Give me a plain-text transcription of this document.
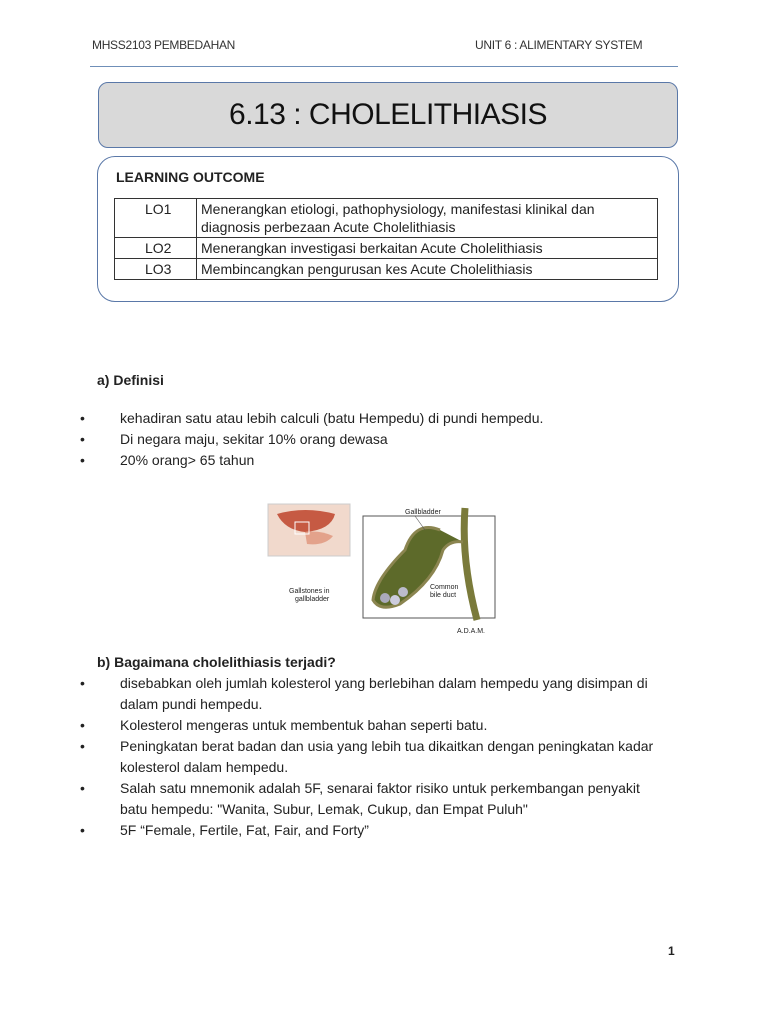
MHSS2103 PEMBEDAHAN	UNIT 6 : ALIMENTARY SYSTEM
6.13 : CHOLELITHIASIS
LEARNING OUTCOME
LO1	Menerangkan etiologi, pathophysiology, manifestasi klinikal dan diagnosis perbezaan Acute Cholelithiasis
LO2	Menerangkan investigasi berkaitan Acute Cholelithiasis
LO3	Membincangkan pengurusan kes Acute Cholelithiasis
a) Definisi
• kehadiran satu atau lebih calculi (batu Hempedu) di pundi hempedu.
• Di negara maju, sekitar 10% orang dewasa
• 20% orang> 65 tahun
Gallbladder
Gallstones in
gallbladder
Common
bile duct
A.D.A.M.
b) Bagaimana cholelithiasis terjadi?
• disebabkan oleh jumlah kolesterol yang berlebihan dalam hempedu yang disimpan di dalam pundi hempedu.
• Kolesterol mengeras untuk membentuk bahan seperti batu.
• Peningkatan berat badan dan usia yang lebih tua dikaitkan dengan peningkatan kadar kolesterol dalam hempedu.
• Salah satu mnemonik adalah 5F, senarai faktor risiko untuk perkembangan penyakit batu hempedu: "Wanita, Subur, Lemak, Cukup, dan Empat Puluh"
• 5F “Female, Fertile, Fat, Fair, and Forty”
1
